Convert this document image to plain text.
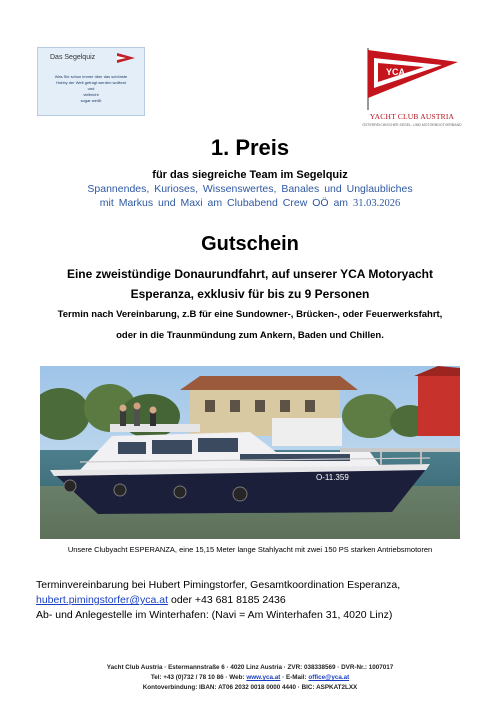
Das Segelquiz
Was Sie schon immer über das schönste
Hobby der Welt gefragt werden wolltest
und
vielleicht
sogar weißt
YCA
YACHT CLUB AUSTRIA
ÖSTERREICHISCHER SEGEL- UND MOTORBOOTVERBAND
1. Preis
für das siegreiche Team im Segelquiz
Spannendes, Kurioses, Wissenswertes, Banales und Unglaubliches
mit Markus und Maxi am Clubabend Crew OÖ am 31.03.2026
Gutschein
Eine zweistündige Donaurundfahrt, auf unserer YCA Motoryacht
Esperanza, exklusiv für bis zu 9 Personen
Termin nach Vereinbarung, z.B für eine Sundowner-, Brücken-, oder Feuerwerksfahrt,
oder in die Traunmündung zum Ankern, Baden und Chillen.
O-11.359
Unsere Clubyacht ESPERANZA, eine 15,15 Meter lange Stahlyacht mit zwei 150 PS starken Antriebsmotoren
Terminvereinbarung bei Hubert Pimingstorfer, Gesamtkoordination Esperanza,
hubert.pimingstorfer@yca.at oder +43 681 8185 2436
Ab- und Anlegestelle im Winterhafen: (Navi = Am Winterhafen 31, 4020 Linz)
Yacht Club Austria · Estermannstraße 6 · 4020 Linz Austria · ZVR: 038338569 · DVR-Nr.: 1007017
Tel: +43 (0)732 / 78 10 86 · Web: www.yca.at · E-Mail: office@yca.at
Kontoverbindung: IBAN: AT06 2032 0018 0000 4440 · BIC: ASPKAT2LXX
